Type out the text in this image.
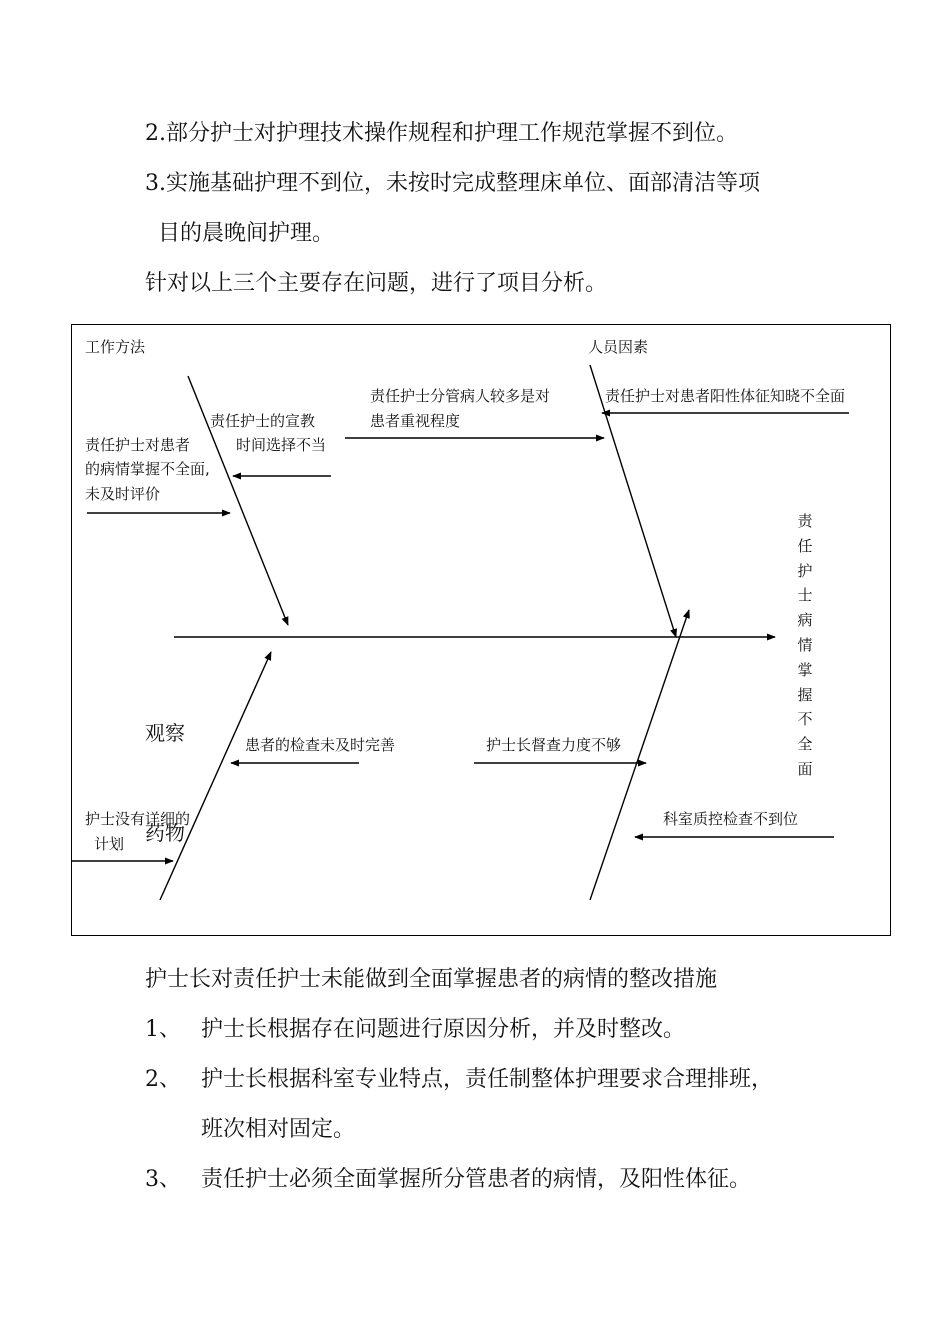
2.部分护士对护理技术操作规程和护理工作规范掌握不到位。
3.实施基础护理不到位，未按时完成整理床单位、面部清洁等项
目的晨晚间护理。
针对以上三个主要存在问题，进行了项目分析。
工作方法	人员因素
责任护士的宣教
时间选择不当
责任护士对患者
的病情掌握不全面,
未及时评价
责任护士分管病人较多是对
患者重视程度
责任护士对患者阳性体征知晓不全面
责任护士病情掌握不全面
观察	患者的检查未及时完善	护士长督查力度不够
药物
护士没有详细的
计划
科室质控检查不到位
护士长对责任护士未能做到全面掌握患者的病情的整改措施
1、 护士长根据存在问题进行原因分析，并及时整改。
2、 护士长根据科室专业特点，责任制整体护理要求合理排班，
班次相对固定。
3、 责任护士必须全面掌握所分管患者的病情，及阳性体征。
